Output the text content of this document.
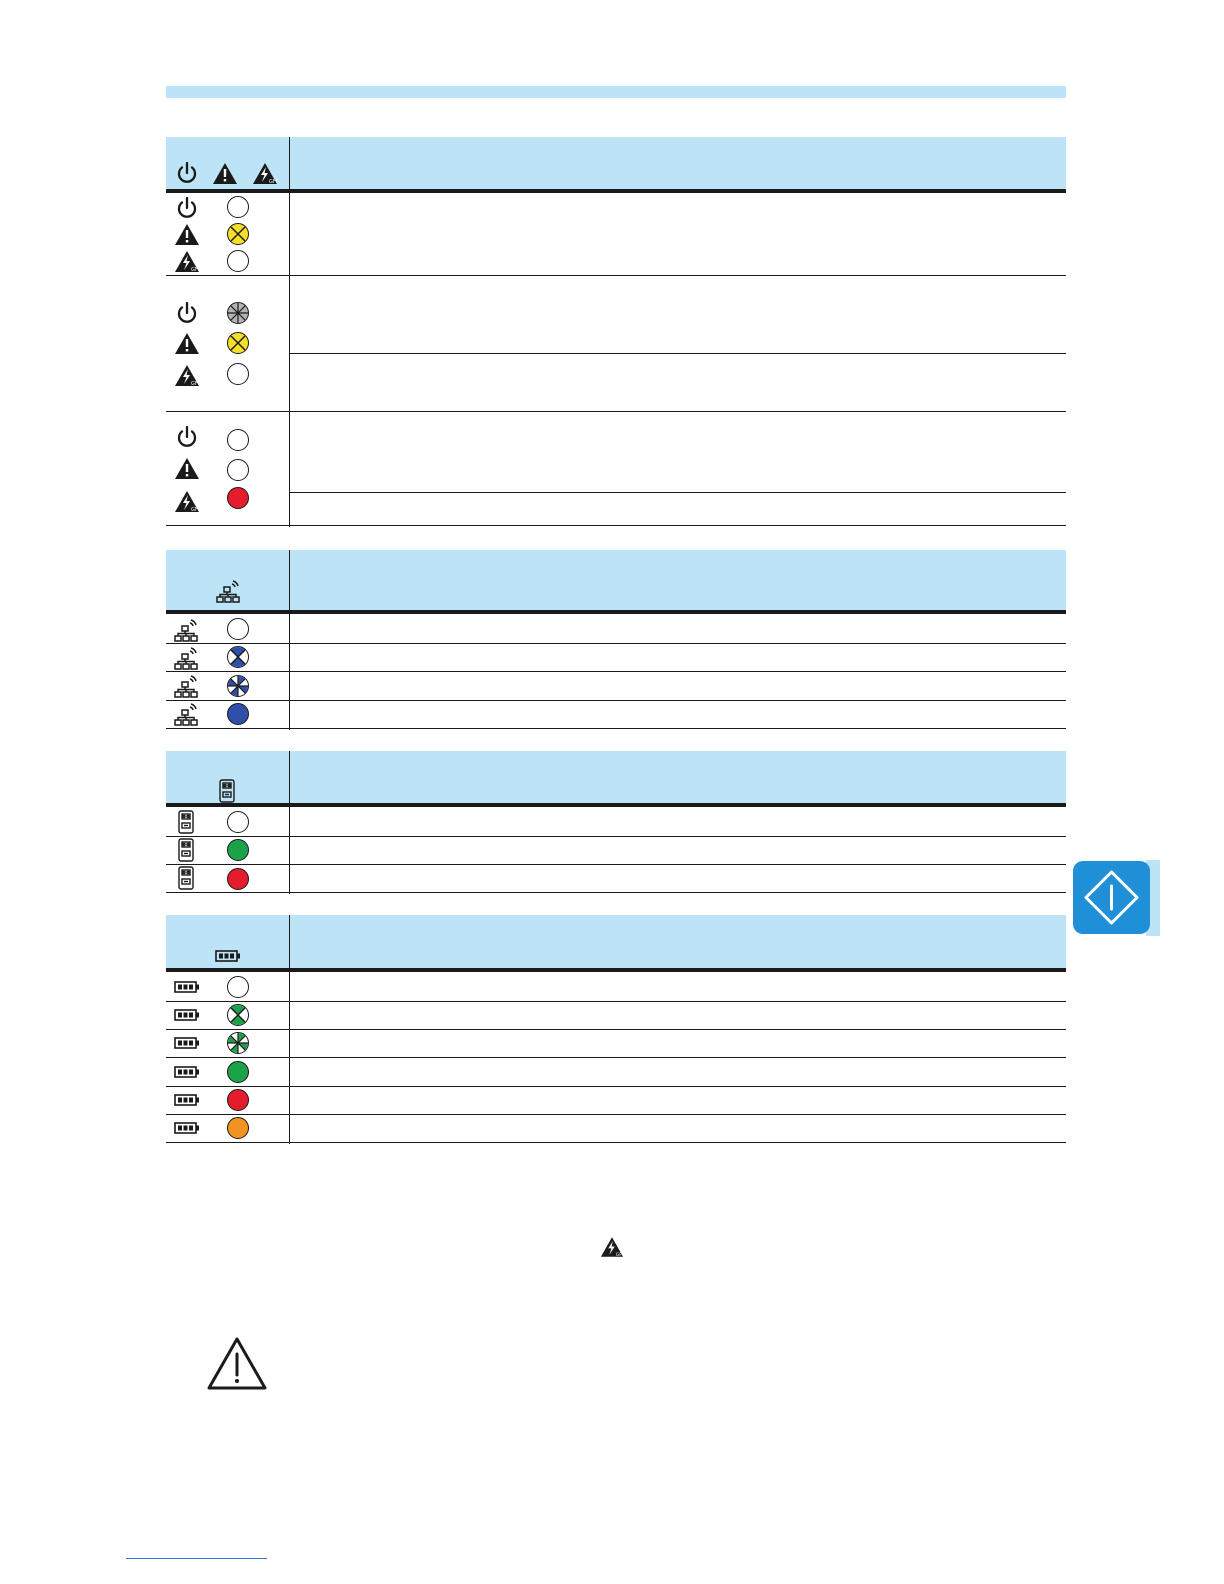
GFI
GFI
GFI
GFI
GFI
